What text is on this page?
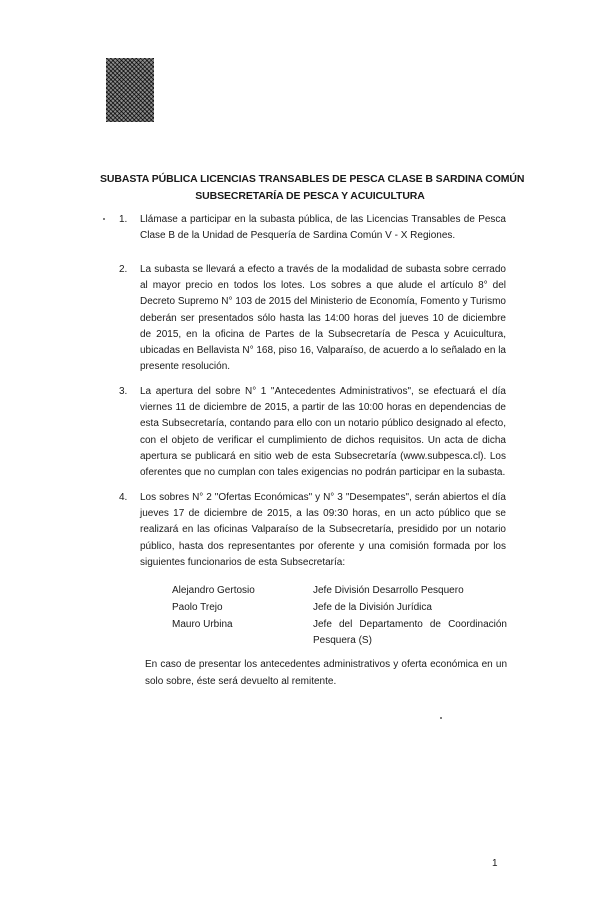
SUBASTA PÚBLICA LICENCIAS TRANSABLES DE PESCA CLASE B SARDINA COMÚN
SUBSECRETARÍA DE PESCA Y ACUICULTURA
1. Llámase a participar en la subasta pública, de las Licencias Transables de Pesca Clase B de la Unidad de Pesquería de Sardina Común V - X Regiones.
2. La subasta se llevará a efecto a través de la modalidad de subasta sobre cerrado al mayor precio en todos los lotes. Los sobres a que alude el artículo 8° del Decreto Supremo N° 103 de 2015 del Ministerio de Economía, Fomento y Turismo deberán ser presentados sólo hasta las 14:00 horas del jueves 10 de diciembre de 2015, en la oficina de Partes de la Subsecretaría de Pesca y Acuicultura, ubicadas en Bellavista N° 168, piso 16, Valparaíso, de acuerdo a lo señalado en la presente resolución.
3. La apertura del sobre N° 1 "Antecedentes Administrativos", se efectuará el día viernes 11 de diciembre de 2015, a partir de las 10:00 horas en dependencias de esta Subsecretaría, contando para ello con un notario público designado al efecto, con el objeto de verificar el cumplimiento de dichos requisitos. Un acta de dicha apertura se publicará en sitio web de esta Subsecretaría (www.subpesca.cl). Los oferentes que no cumplan con tales exigencias no podrán participar en la subasta.
4. Los sobres N° 2 "Ofertas Económicas" y N° 3 "Desempates", serán abiertos el día jueves 17 de diciembre de 2015, a las 09:30 horas, en un acto público que se realizará en las oficinas Valparaíso de la Subsecretaría, presidido por un notario público, hasta dos representantes por oferente y una comisión formada por los siguientes funcionarios de esta Subsecretaría:
Alejandro Gertosio	Jefe División Desarrollo Pesquero
Paolo Trejo	Jefe de la División Jurídica
Mauro Urbina	Jefe del Departamento de Coordinación Pesquera (S)
En caso de presentar los antecedentes administrativos y oferta económica en un solo sobre, éste será devuelto al remitente.
1
